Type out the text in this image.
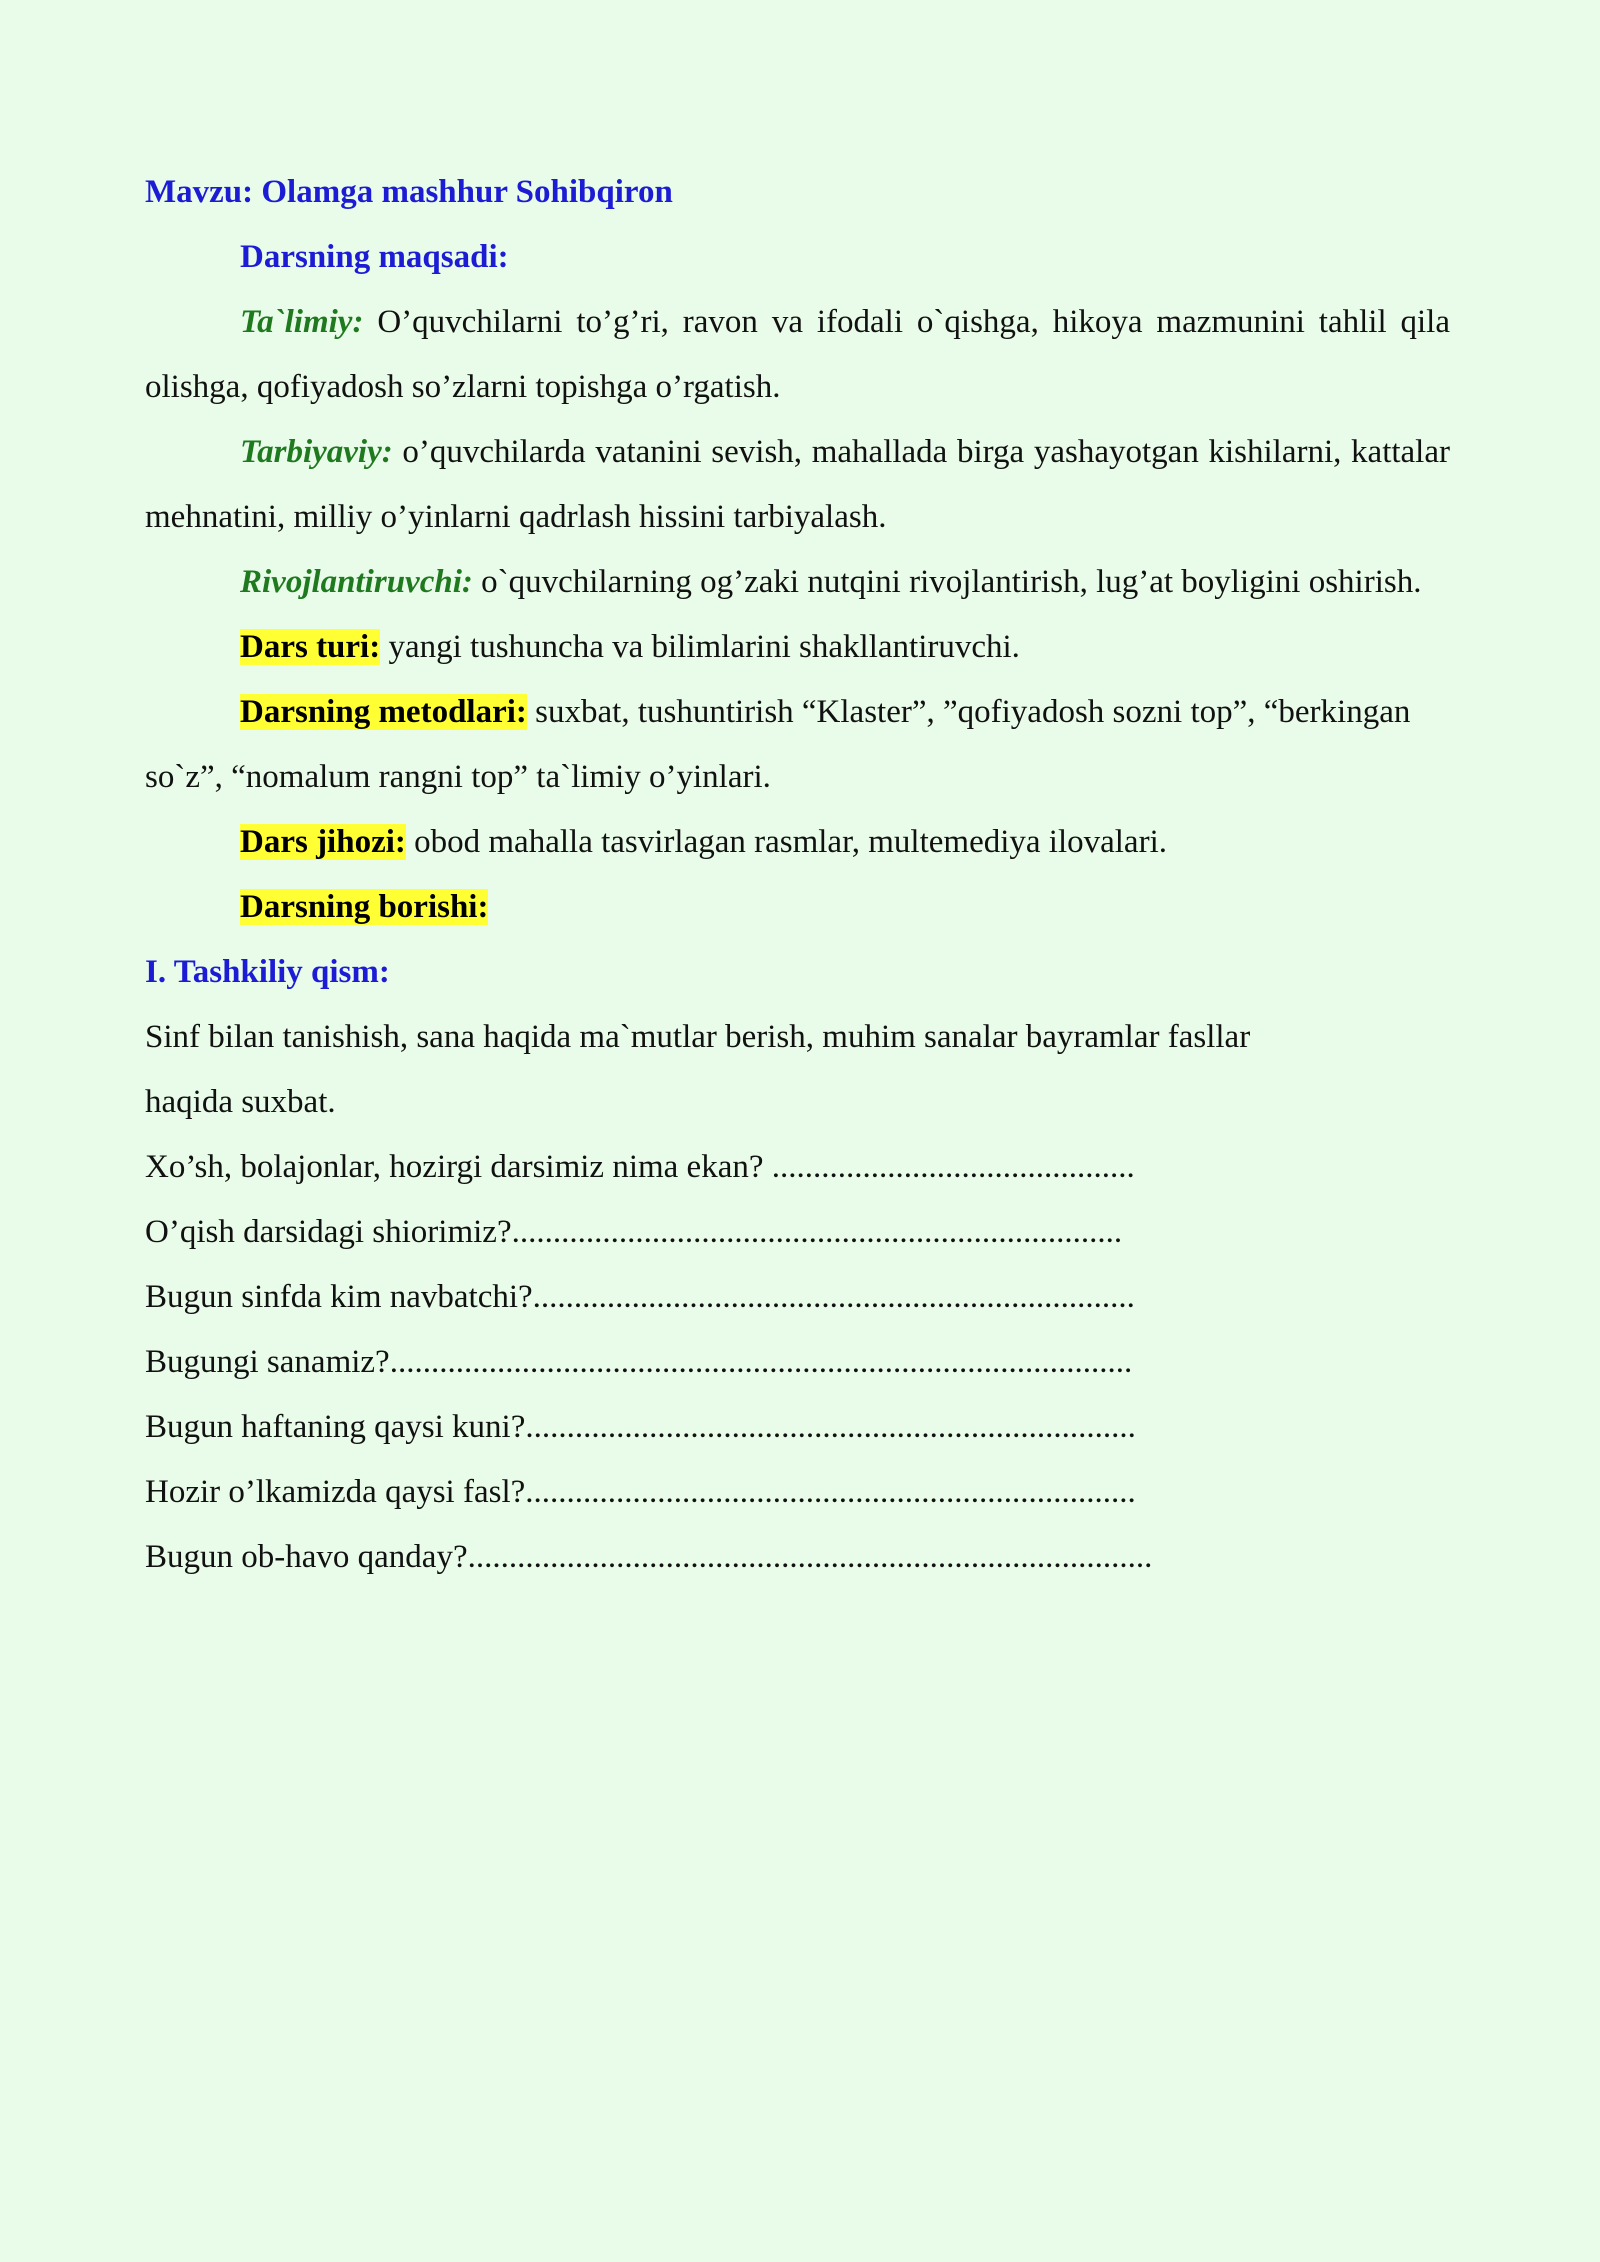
Mavzu: Olamga mashhur Sohibqiron

Darsning maqsadi:

Ta`limiy: O’quvchilarni to’g’ri, ravon va ifodali o`qishga, hikoya mazmunini tahlil qila olishga, qofiyadosh so’zlarni topishga o’rgatish.

Tarbiyaviy: o’quvchilarda vatanini sevish, mahallada birga yashayotgan kishilarni, kattalar mehnatini, milliy o’yinlarni qadrlash hissini tarbiyalash.

Rivojlantiruvchi: o`quvchilarning og’zaki nutqini rivojlantirish, lug’at boyligini oshirish.

Dars turi: yangi tushuncha va bilimlarini shakllantiruvchi.

Darsning metodlari: suxbat, tushuntirish “Klaster”, ”qofiyadosh sozni top”, “berkingan so`z”, “nomalum rangni top” ta`limiy o’yinlari.

Dars jihozi: obod mahalla tasvirlagan rasmlar, multemediya ilovalari.

Darsning borishi:

I. Tashkiliy qism:

Sinf bilan tanishish, sana haqida ma`mutlar berish, muhim sanalar bayramlar fasllar

haqida suxbat.

Xo’sh, bolajonlar, hozirgi darsimiz nima ekan? ............................................

O’qish darsidagi shiorimiz?..........................................................................

Bugun sinfda kim navbatchi?.........................................................................

Bugungi sanamiz?..........................................................................................

Bugun haftaning qaysi kuni?..........................................................................

Hozir o’lkamizda qaysi fasl?..........................................................................

Bugun ob-havo qanday?...................................................................................
